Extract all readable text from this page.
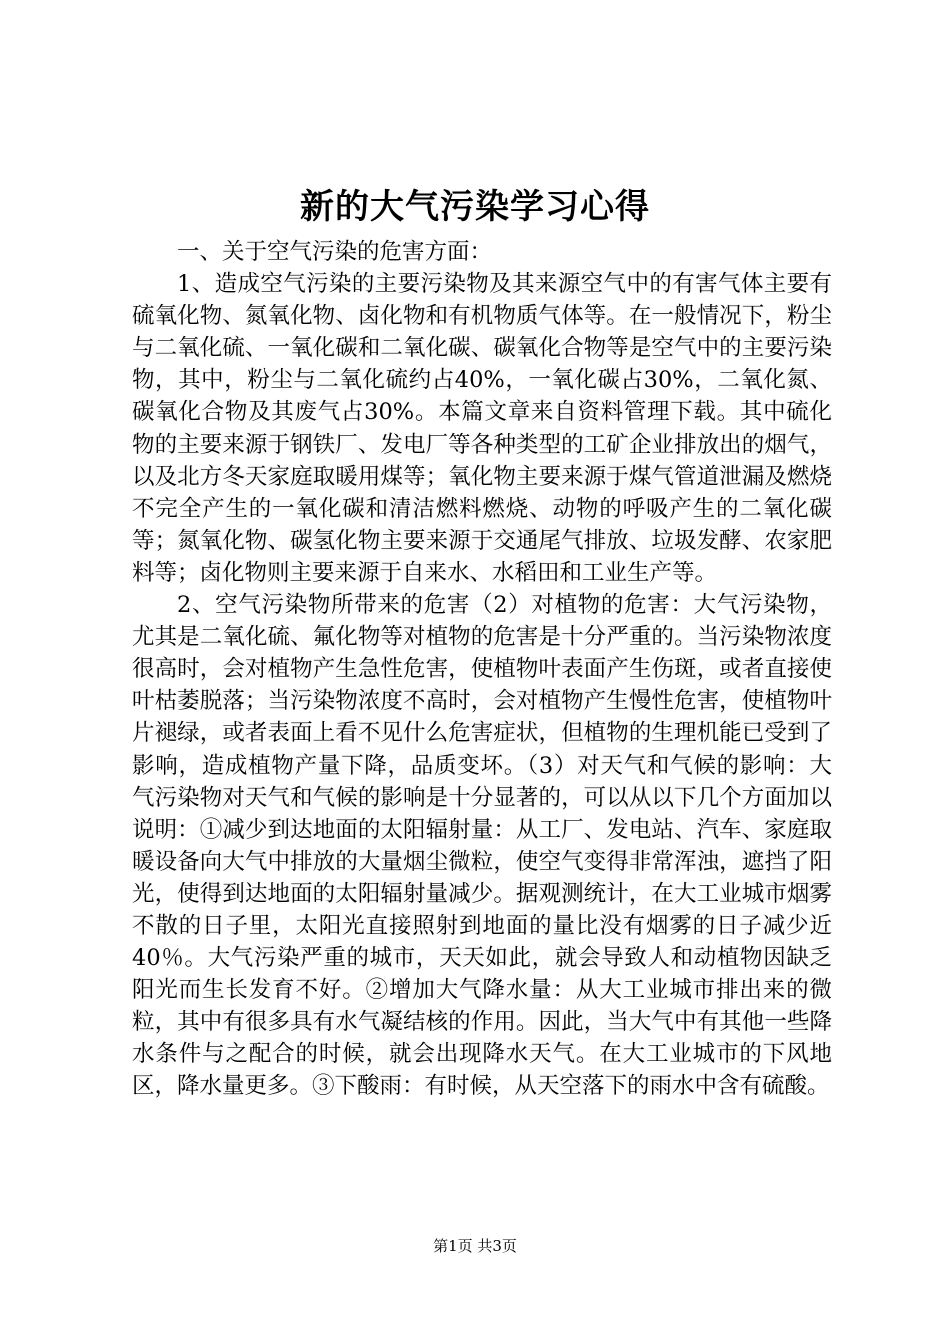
新的大气污染学习心得

一、关于空气污染的危害方面：

1、造成空气污染的主要污染物及其来源空气中的有害气体主要有硫氧化物、氮氧化物、卤化物和有机物质气体等。在一般情况下，粉尘与二氧化硫、一氧化碳和二氧化碳、碳氧化合物等是空气中的主要污染物，其中，粉尘与二氧化硫约占40%，一氧化碳占30%，二氧化氮、碳氧化合物及其废气占30%。本篇文章来自资料管理下载。其中硫化物的主要来源于钢铁厂、发电厂等各种类型的工矿企业排放出的烟气，以及北方冬天家庭取暖用煤等；氧化物主要来源于煤气管道泄漏及燃烧不完全产生的一氧化碳和清洁燃料燃烧、动物的呼吸产生的二氧化碳等；氮氧化物、碳氢化物主要来源于交通尾气排放、垃圾发酵、农家肥料等；卤化物则主要来源于自来水、水稻田和工业生产等。

2、空气污染物所带来的危害（2）对植物的危害：大气污染物，尤其是二氧化硫、氟化物等对植物的危害是十分严重的。当污染物浓度很高时，会对植物产生急性危害，使植物叶表面产生伤斑，或者直接使叶枯萎脱落；当污染物浓度不高时，会对植物产生慢性危害，使植物叶片褪绿，或者表面上看不见什么危害症状，但植物的生理机能已受到了影响，造成植物产量下降，品质变坏。（3）对天气和气候的影响：大气污染物对天气和气候的影响是十分显著的，可以从以下几个方面加以说明：①减少到达地面的太阳辐射量：从工厂、发电站、汽车、家庭取暖设备向大气中排放的大量烟尘微粒，使空气变得非常浑浊，遮挡了阳光，使得到达地面的太阳辐射量减少。据观测统计，在大工业城市烟雾不散的日子里，太阳光直接照射到地面的量比没有烟雾的日子减少近40％。大气污染严重的城市，天天如此，就会导致人和动植物因缺乏阳光而生长发育不好。②增加大气降水量：从大工业城市排出来的微粒，其中有很多具有水气凝结核的作用。因此，当大气中有其他一些降水条件与之配合的时候，就会出现降水天气。在大工业城市的下风地区，降水量更多。③下酸雨：有时候，从天空落下的雨水中含有硫酸。

第1页 共3页
